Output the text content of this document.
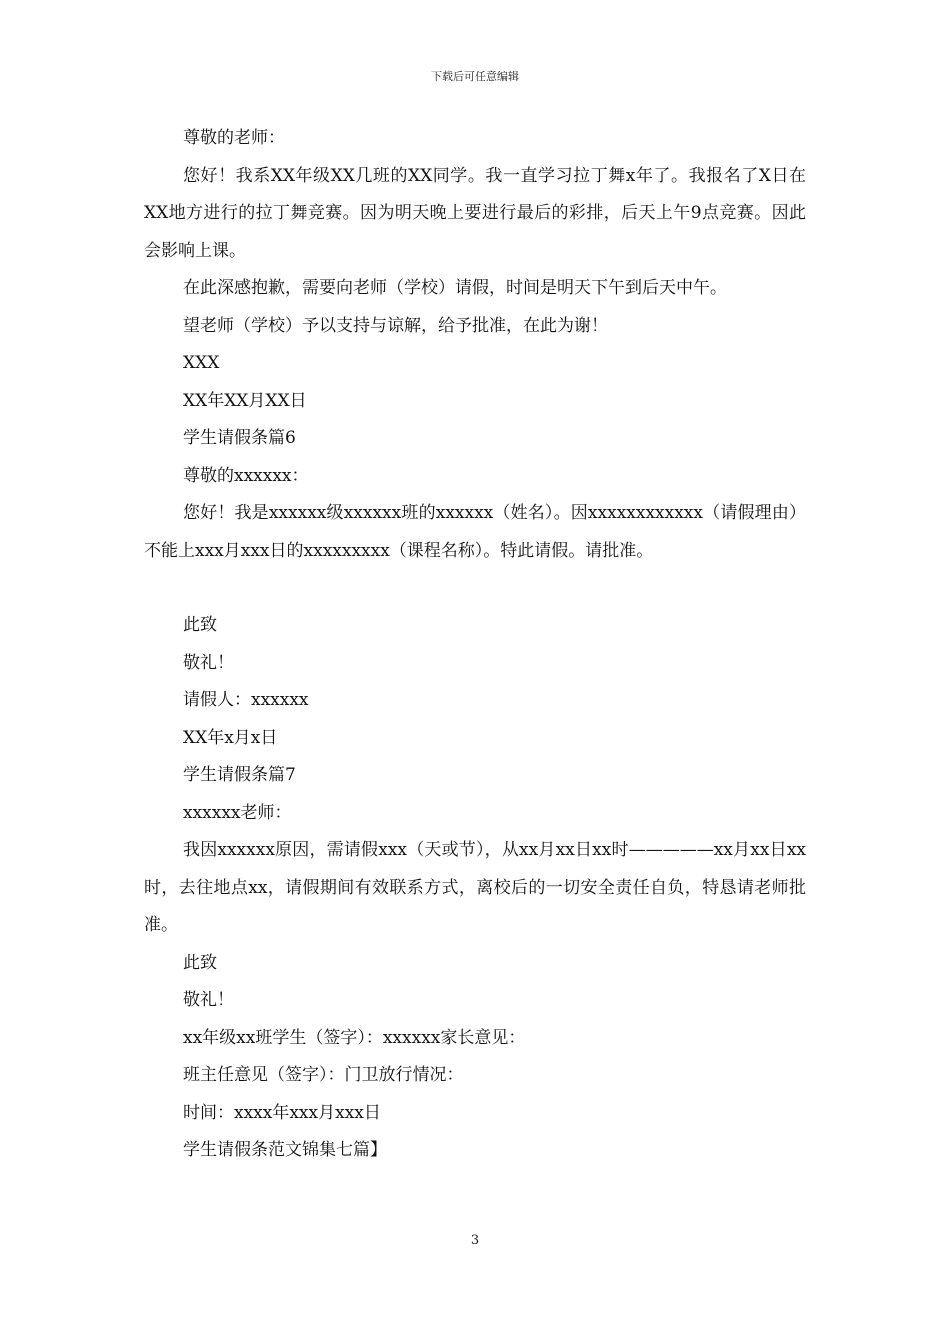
下载后可任意编辑

尊敬的老师：

您好！我系XX年级XX几班的XX同学。我一直学习拉丁舞x年了。我报名了X日在XX地方进行的拉丁舞竞赛。因为明天晚上要进行最后的彩排，后天上午9点竞赛。因此会影响上课。

在此深感抱歉，需要向老师（学校）请假，时间是明天下午到后天中午。

望老师（学校）予以支持与谅解，给予批准，在此为谢！

XXX

XX年XX月XX日

学生请假条篇6

尊敬的xxxxxx：

您好！我是xxxxxx级xxxxxx班的xxxxxx（姓名）。因xxxxxxxxxxxx（请假理由）不能上xxx月xxx日的xxxxxxxxx（课程名称）。特此请假。请批准。

此致

敬礼！

请假人：xxxxxx

XX年x月x日

学生请假条篇7

xxxxxx老师：

我因xxxxxx原因，需请假xxx（天或节），从xx月xx日xx时—————xx月xx日xx时，去往地点xx，请假期间有效联系方式，离校后的一切安全责任自负，特恳请老师批准。

此致

敬礼！

xx年级xx班学生（签字）：xxxxxx家长意见：

班主任意见（签字）：门卫放行情况：

时间：xxxx年xxx月xxx日

学生请假条范文锦集七篇】

3
